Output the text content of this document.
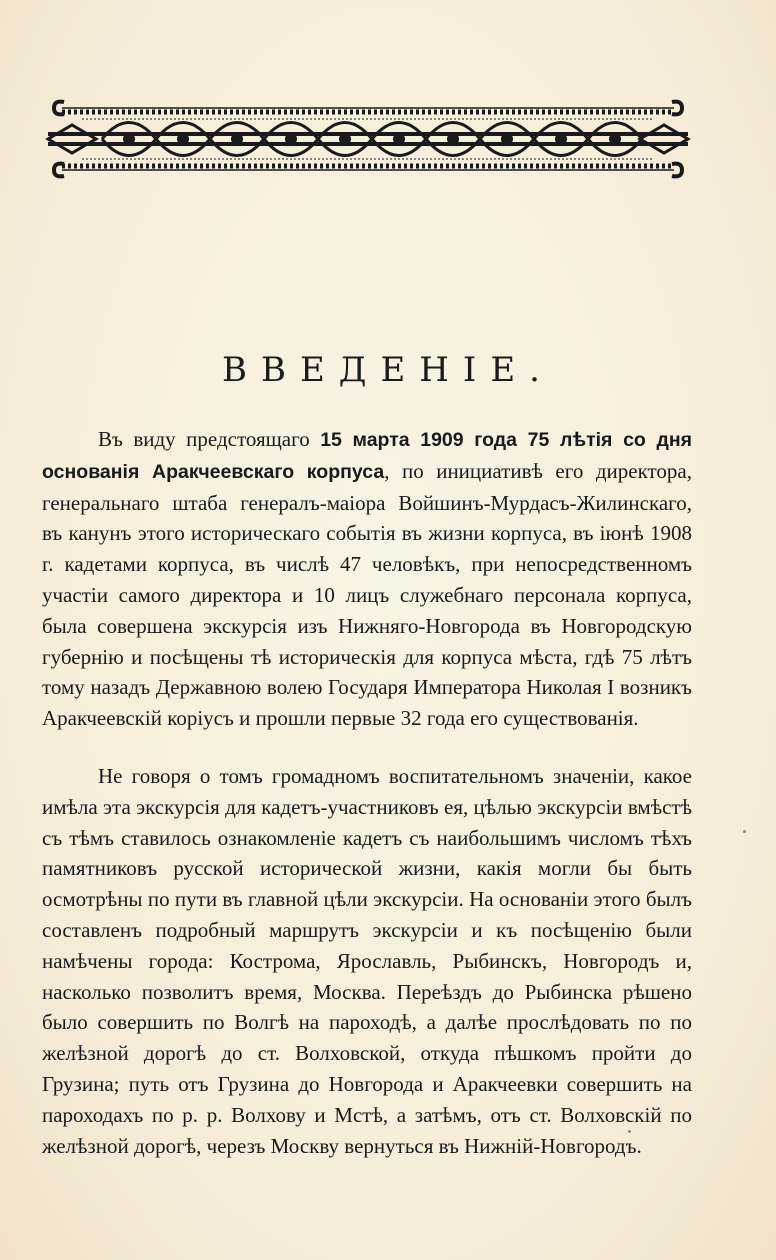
ВВЕДЕНІЕ.

Въ виду предстоящаго 15 марта 1909 года 75 лѣтія со дня основанія Аракчеевскаго корпуса, по инициативѣ его директора, генеральнаго штаба генералъ-маіора Войшинъ-Мурдасъ-Жилинскаго, въ канунъ этого историческаго событія въ жизни корпуса, въ іюнѣ 1908 г. кадетами корпуса, въ числѣ 47 человѣкъ, при непосредственномъ участіи самого директора и 10 лицъ служебнаго персонала корпуса, была совершена экскурсія изъ Нижняго-Новгорода въ Новгородскую губернію и посѣщены тѣ историческія для корпуса мѣста, гдѣ 75 лѣтъ тому назадъ Державною волею Государя Императора Николая I возникъ Аракчеевскій коріусъ и прошли первые 32 года его существованія.

Не говоря о томъ громадномъ воспитательномъ значеніи, какое имѣла эта экскурсія для кадетъ-участниковъ ея, цѣлью экскурсіи вмѣстѣ съ тѣмъ ставилось ознакомленіе кадетъ съ наибольшимъ числомъ тѣхъ памятниковъ русской исторической жизни, какія могли бы быть осмотрѣны по пути въ главной цѣли экскурсіи. На основаніи этого былъ составленъ подробный маршрутъ экскурсіи и къ посѣщенію были намѣчены города: Кострома, Ярославль, Рыбинскъ, Новгородъ и, насколько позволитъ время, Москва. Переѣздъ до Рыбинска рѣшено было совершить по Волгѣ на пароходѣ, а далѣе прослѣдовать по по желѣзной дорогѣ до ст. Волховской, откуда пѣшкомъ пройти до Грузина; путь отъ Грузина до Новгорода и Аракчеевки совершить на пароходахъ по р. р. Волхову и Мстѣ, а затѣмъ, отъ ст. Волховскій по желѣзной дорогѣ, черезъ Москву вернуться въ Нижній-Новгородъ.
